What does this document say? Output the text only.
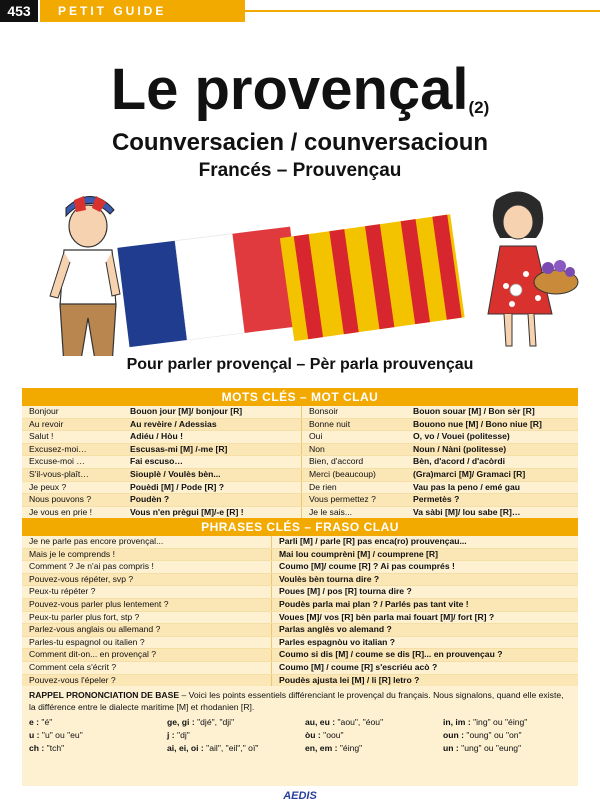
453	PETIT GUIDE
Le provençal$^{(2)}$
Counversacien / counversacioun
Francés – Prouvençau
Pour parler provençal – Pèr parla prouvençau
MOTS CLÉS – MOT CLAU
Bonjour	Bouon jour [M]/ bonjour [R]	Bonsoir	Bouon souar [M] / Bon sèr [R]
Au revoir	Au revèire / Adessias	Bonne nuit	Bouono nue [M] / Bono niue [R]
Salut !	Adiéu / Hòu !	Oui	O, vo / Vouei (politesse)
Excusez-moi…	Escusas-mi [M] /-me [R]	Non	Noun / Nàni (politesse)
Excuse-moi …	Fai escuso…	Bien, d'accord	Bèn, d'acord / d'acòrdi
S'il-vous-plaît…	Siouplè / Voulès bèn...	Merci (beaucoup)	(Gra)marci [M]/ Gramaci [R]
Je peux ?	Pouèdi [M] / Pode [R] ?	De rien	Vau pas la peno / emé gau
Nous pouvons ?	Poudèn ?	Vous permettez ?	Permetès ?
Je vous en prie !	Vous n'en prègui [M]/-e [R] !	Je le sais...	Va sàbi [M]/ lou sabe [R]…
PHRASES CLÉS – FRASO CLAU
Je ne parle pas encore provençal...	Parli [M] / parle [R] pas enca(ro) prouvençau...
Mais je le comprends !	Mai lou coumprèni [M] / coumprene [R]
Comment ? Je n'ai pas compris !	Coumo [M]/ coume [R] ? Ai pas coumprés !
Pouvez-vous répéter, svp ?	Voulès bèn tourna dire ?
Peux-tu répéter ?	Poues [M] / pos [R] tourna dire ?
Pouvez-vous parler plus lentement ?	Poudès parla mai plan ? / Parlés pas tant vite !
Peux-tu parler plus fort, stp ?	Voues [M]/ vos [R] bèn parla mai fouart [M]/ fort [R] ?
Parlez-vous anglais ou allemand ?	Parlas anglès vo alemand ?
Parles-tu espagnol ou italien ?	Parles espagnòu vo italian ?
Comment dit-on... en provençal ?	Coumo si dis [M] / coume se dis [R]... en prouvençau ?
Comment cela s'écrit ?	Coumo [M] / coume [R] s'escriéu acò ?
Pouvez-vous l'épeler ?	Poudès ajusta lei [M] / li [R] letro ?
RAPPEL PRONONCIATION DE BASE – Voici les points essentiels différenciant le provençal du français. Nous signalons, quand elle existe, la différence entre le dialecte maritime [M] et rhodanien [R].
e : "é"	ge, gi : "djé", "dji"	au, eu : "aou", "éou"	in, im : "ing" ou "éing"
u : "u" ou "eu"	j : "dj"	òu : "oou"	oun : "oung" ou "on"
ch : "tch"	ai, ei, oi : "ail", "eil"," oï"	en, em : "éing"	un : "ung" ou "eung"
AEDIS
